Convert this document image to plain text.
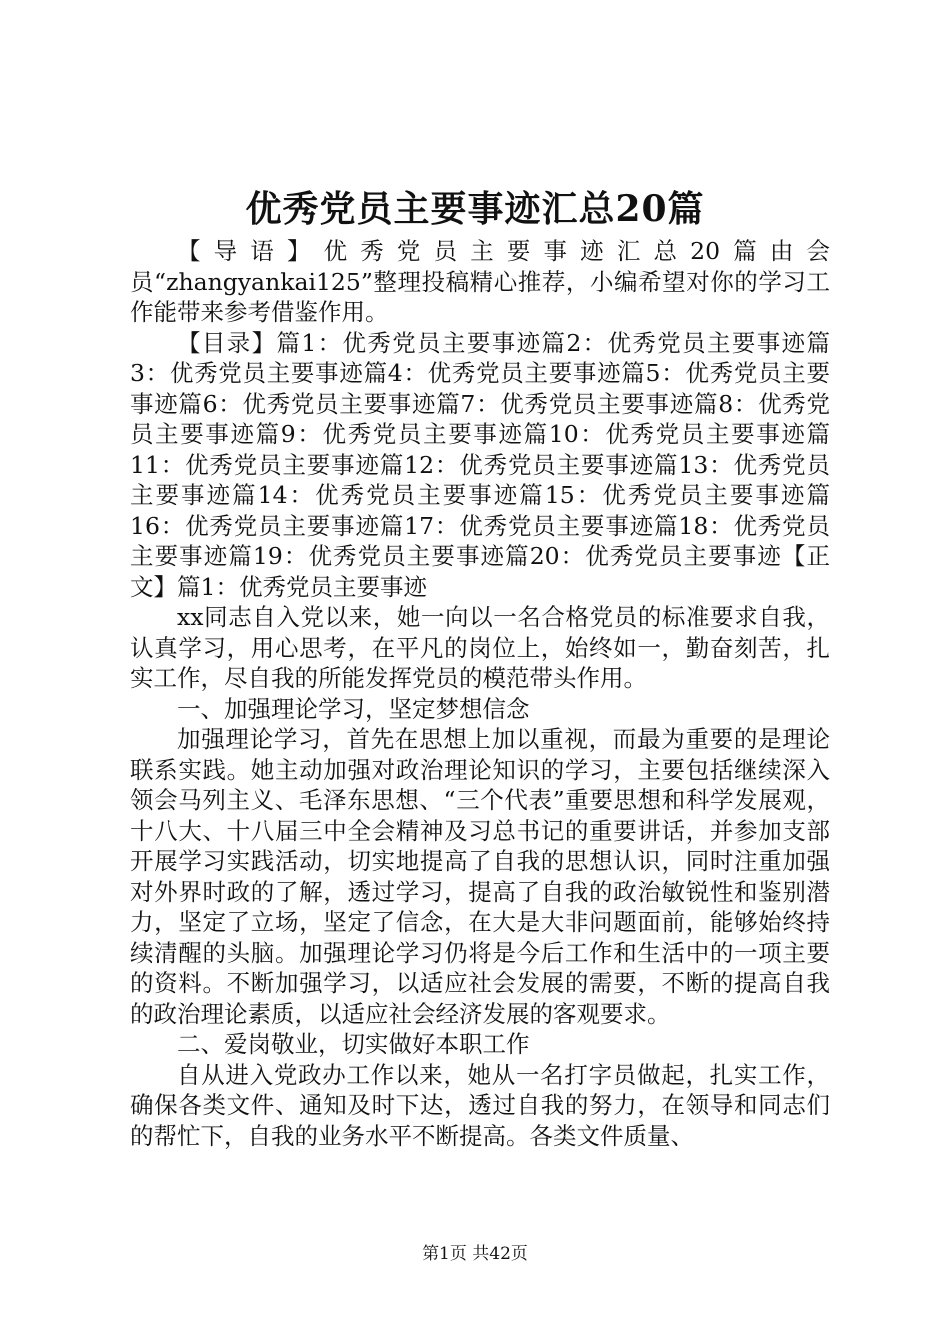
优秀党员主要事迹汇总20篇

【导语】优秀党员主要事迹汇总20篇由会员“zhangyankai125”整理投稿精心推荐，小编希望对你的学习工作能带来参考借鉴作用。

【目录】篇1：优秀党员主要事迹篇2：优秀党员主要事迹篇3：优秀党员主要事迹篇4：优秀党员主要事迹篇5：优秀党员主要事迹篇6：优秀党员主要事迹篇7：优秀党员主要事迹篇8：优秀党员主要事迹篇9：优秀党员主要事迹篇10：优秀党员主要事迹篇11：优秀党员主要事迹篇12：优秀党员主要事迹篇13：优秀党员主要事迹篇14：优秀党员主要事迹篇15：优秀党员主要事迹篇16：优秀党员主要事迹篇17：优秀党员主要事迹篇18：优秀党员主要事迹篇19：优秀党员主要事迹篇20：优秀党员主要事迹【正文】篇1：优秀党员主要事迹

xx同志自入党以来，她一向以一名合格党员的标准要求自我，认真学习，用心思考，在平凡的岗位上，始终如一，勤奋刻苦，扎实工作，尽自我的所能发挥党员的模范带头作用。

一、加强理论学习，坚定梦想信念

加强理论学习，首先在思想上加以重视，而最为重要的是理论联系实践。她主动加强对政治理论知识的学习，主要包括继续深入领会马列主义、毛泽东思想、“三个代表”重要思想和科学发展观，十八大、十八届三中全会精神及习总书记的重要讲话，并参加支部开展学习实践活动，切实地提高了自我的思想认识，同时注重加强对外界时政的了解，透过学习，提高了自我的政治敏锐性和鉴别潜力，坚定了立场，坚定了信念，在大是大非问题面前，能够始终持续清醒的头脑。加强理论学习仍将是今后工作和生活中的一项主要的资料。不断加强学习，以适应社会发展的需要，不断的提高自我的政治理论素质，以适应社会经济发展的客观要求。

二、爱岗敬业，切实做好本职工作

自从进入党政办工作以来，她从一名打字员做起，扎实工作，确保各类文件、通知及时下达，透过自我的努力，在领导和同志们的帮忙下，自我的业务水平不断提高。各类文件质量、

第1页 共42页
